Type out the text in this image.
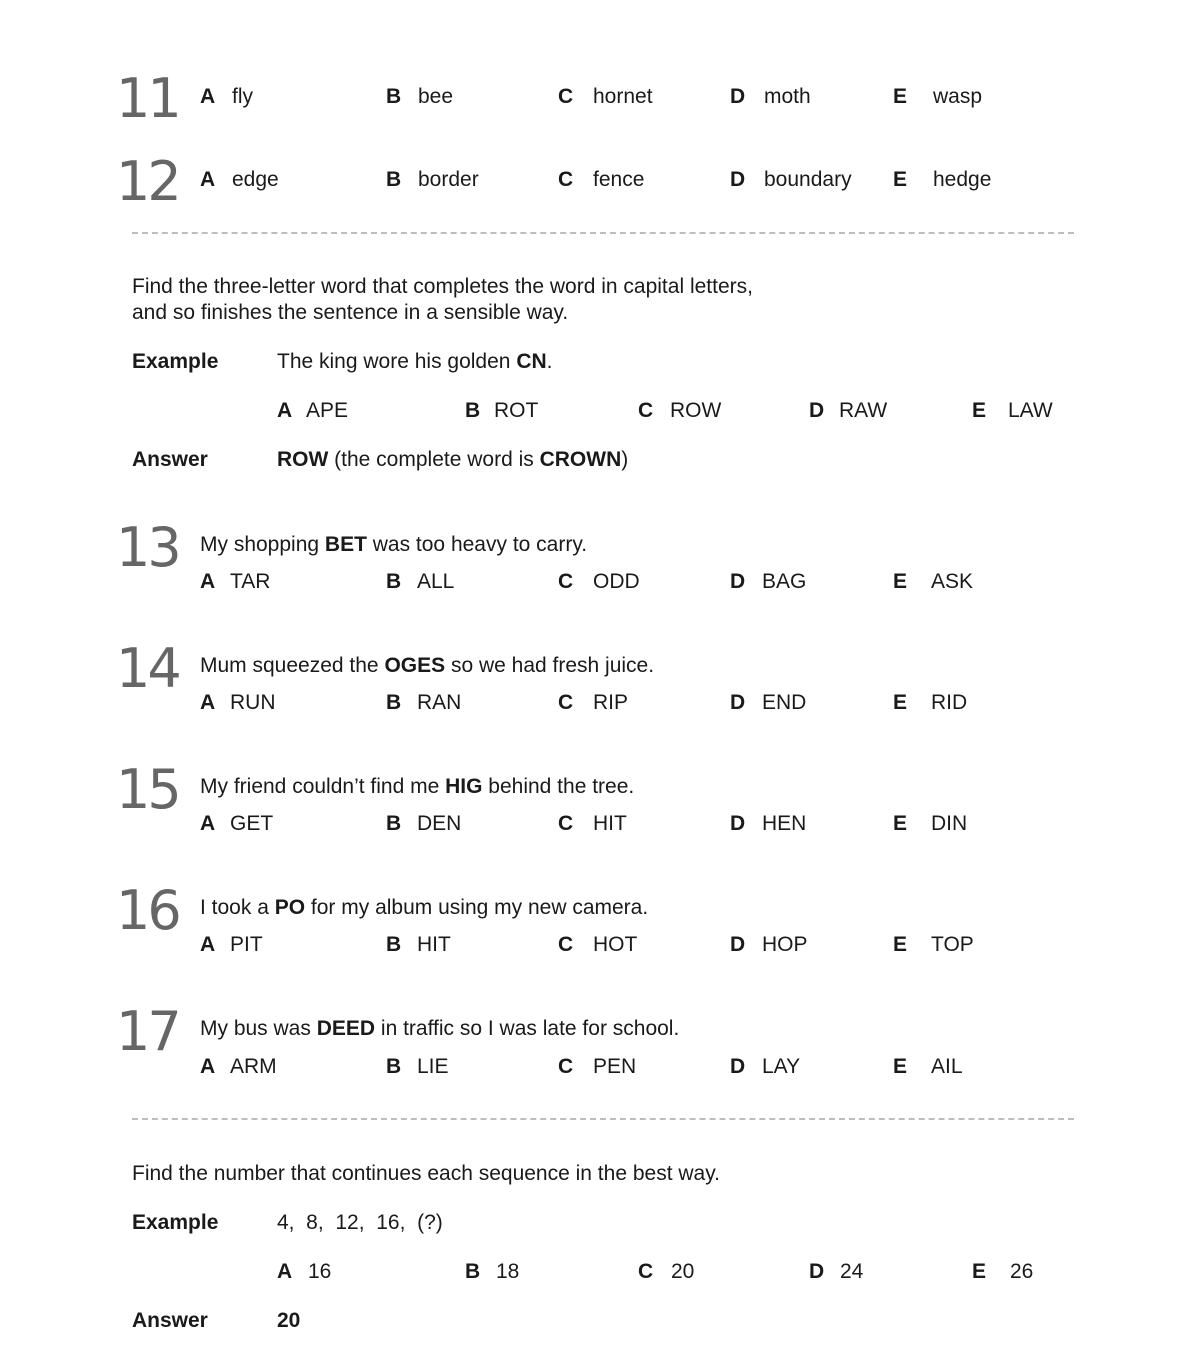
11 A fly	B bee	C hornet	D moth	E wasp
12 A edge	B border	C fence	D boundary E hedge
Find the three-letter word that completes the word in capital letters,
and so finishes the sentence in a sensible way.
Example	The king wore his golden CN.
A APE	B ROT	C ROW	D RAW	E LAW
Answer	ROW (the complete word is CROWN)
13 My shopping BET was too heavy to carry.
A TAR	B ALL	C ODD	D BAG	E ASK
14 Mum squeezed the OGES so we had fresh juice.
A RUN	B RAN	C RIP	D END	E RID
15 My friend couldn’t find me HIG behind the tree.
A GET	B DEN	C HIT	D HEN	E DIN
16 I took a PO for my album using my new camera.
A PIT	B HIT	C HOT	D HOP	E TOP
17 My bus was DEED in traffic so I was late for school.
A ARM	B LIE	C PEN	D LAY	E AIL
Find the number that continues each sequence in the best way.
Example	4,  8,  12,  16,  (?)
A 16	B 18	C 20	D 24	E 26
Answer	20
